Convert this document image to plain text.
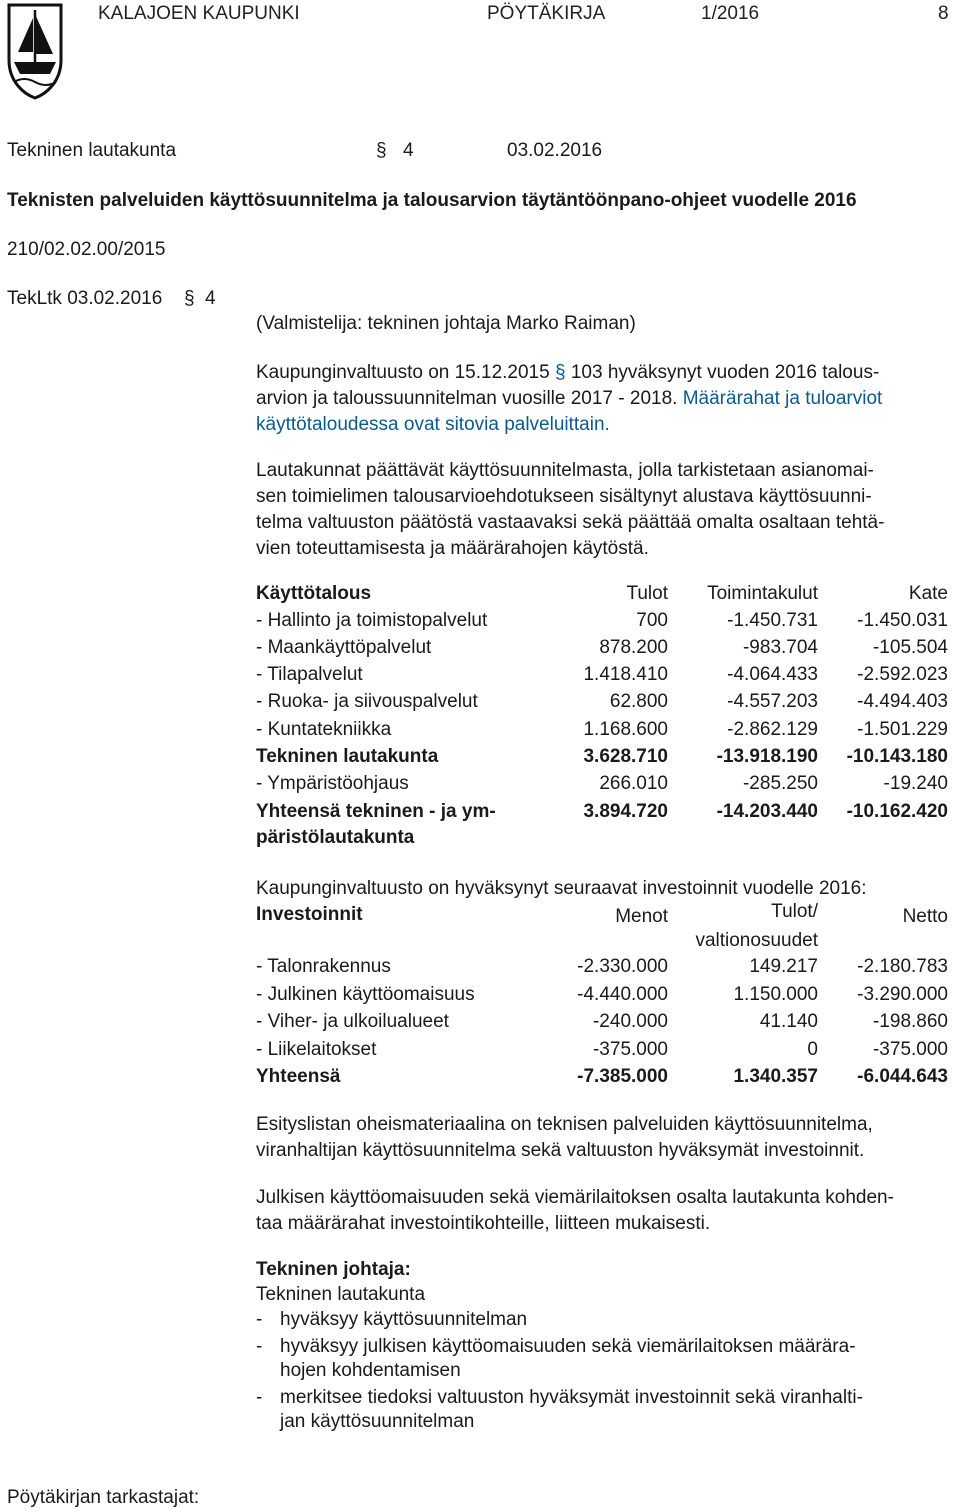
KALAJOEN KAUPUNKI	PÖYTÄKIRJA	1/2016	8
Tekninen lautakunta	§ 4	03.02.2016
Teknisten palveluiden käyttösuunnitelma ja talousarvion täytäntöönpano-ohjeet vuodelle 2016
210/02.02.00/2015
TekLtk 03.02.2016 § 4
(Valmistelija: tekninen johtaja Marko Raiman)
Kaupunginvaltuusto on 15.12.2015 § 103 hyväksynyt vuoden 2016 talous-
arvion ja taloussuunnitelman vuosille 2017 - 2018. Määrärahat ja tuloarviot
käyttötaloudessa ovat sitovia palveluittain.
Lautakunnat päättävät käyttösuunnitelmasta, jolla tarkistetaan asianomai-
sen toimielimen talousarvioehdotukseen sisältynyt alustava käyttösuunni-
telma valtuuston päätöstä vastaavaksi sekä päättää omalta osaltaan tehtä-
vien toteuttamisesta ja määrärahojen käytöstä.
Käyttötalous	Tulot Toimintakulut	Kate
- Hallinto ja toimistopalvelut	700	-1.450.731 -1.450.031
- Maankäyttöpalvelut	878.200	-983.704	-105.504
- Tilapalvelut	1.418.410	-4.064.433 -2.592.023
- Ruoka- ja siivouspalvelut	62.800	-4.557.203 -4.494.403
- Kuntatekniikka	1.168.600	-2.862.129 -1.501.229
Tekninen lautakunta	3.628.710	-13.918.190 -10.143.180
- Ympäristöohjaus	266.010	-285.250	-19.240
Yhteensä tekninen - ja ym-
päristölautakunta
3.894.720	-14.203.440 -10.162.420
Kaupunginvaltuusto on hyväksynyt seuraavat investoinnit vuodelle 2016:
Investoinnit	Menot	Tulot/
valtionosuudet
Netto
- Talonrakennus	-2.330.000	149.217 -2.180.783
- Julkinen käyttöomaisuus	-4.440.000	1.150.000 -3.290.000
- Viher- ja ulkoilualueet	-240.000	41.140	-198.860
- Liikelaitokset	-375.000	0	-375.000
Yhteensä	-7.385.000	1.340.357 -6.044.643
Esityslistan oheismateriaalina on teknisen palveluiden käyttösuunnitelma,
viranhaltijan käyttösuunnitelma sekä valtuuston hyväksymät investoinnit.
Julkisen käyttöomaisuuden sekä viemärilaitoksen osalta lautakunta kohden-
taa määrärahat investointikohteille, liitteen mukaisesti.
Tekninen johtaja:
Tekninen lautakunta
- hyväksyy käyttösuunnitelman
- hyväksyy julkisen käyttöomaisuuden sekä viemärilaitoksen määrära-
hojen kohdentamisen
- merkitsee tiedoksi valtuuston hyväksymät investoinnit sekä viranhalti-
jan käyttösuunnitelman
Pöytäkirjan tarkastajat:
